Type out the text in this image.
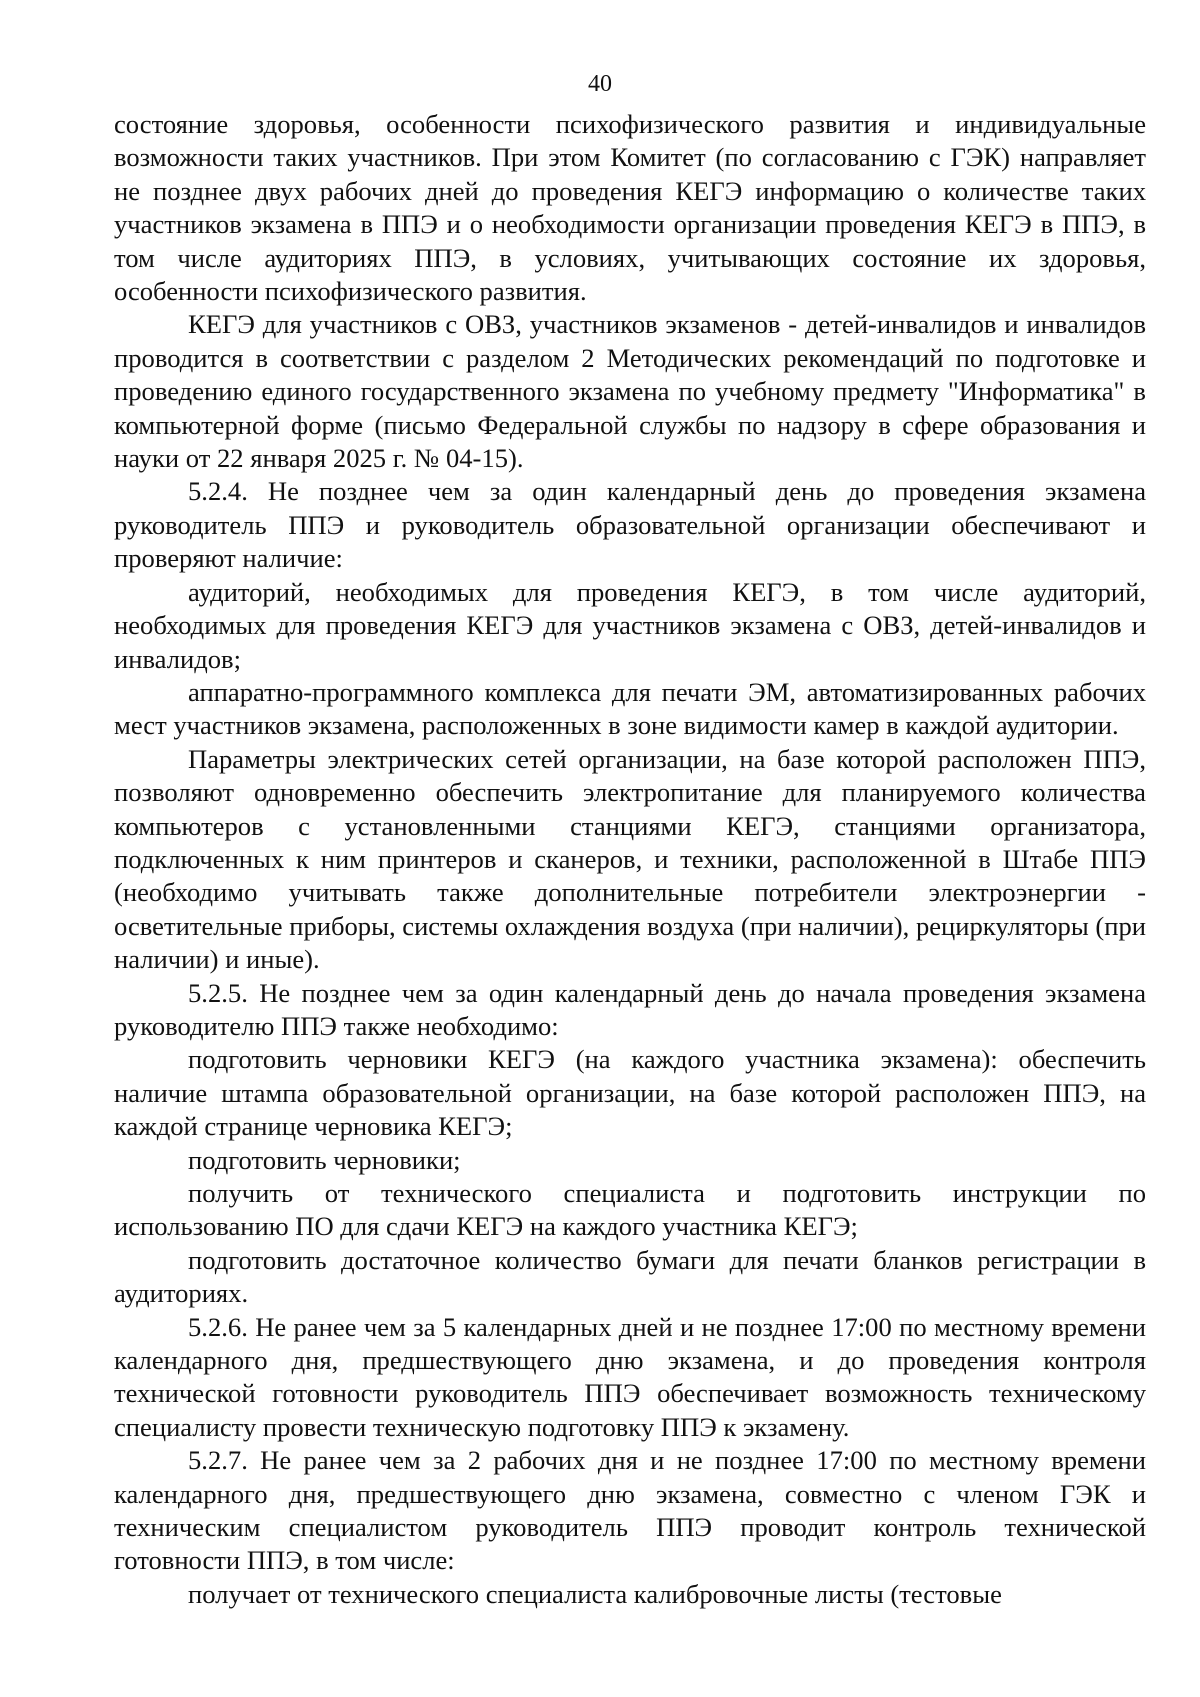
40

состояние здоровья, особенности психофизического развития и индивидуальные возможности таких участников. При этом Комитет (по согласованию с ГЭК) направляет не позднее двух рабочих дней до проведения КЕГЭ информацию о количестве таких участников экзамена в ППЭ и о необходимости организации проведения КЕГЭ в ППЭ, в том числе аудиториях ППЭ, в условиях, учитывающих состояние их здоровья, особенности психофизического развития.

КЕГЭ для участников с ОВЗ, участников экзаменов - детей-инвалидов и инвалидов проводится в соответствии с разделом 2 Методических рекомендаций по подготовке и проведению единого государственного экзамена по учебному предмету "Информатика" в компьютерной форме (письмо Федеральной службы по надзору в сфере образования и науки от 22 января 2025 г. № 04-15).

5.2.4. Не позднее чем за один календарный день до проведения экзамена руководитель ППЭ и руководитель образовательной организации обеспечивают и проверяют наличие:

аудиторий, необходимых для проведения КЕГЭ, в том числе аудиторий, необходимых для проведения КЕГЭ для участников экзамена с ОВЗ, детей-инвалидов и инвалидов;

аппаратно-программного комплекса для печати ЭМ, автоматизированных рабочих мест участников экзамена, расположенных в зоне видимости камер в каждой аудитории.

Параметры электрических сетей организации, на базе которой расположен ППЭ, позволяют одновременно обеспечить электропитание для планируемого количества компьютеров с установленными станциями КЕГЭ, станциями организатора, подключенных к ним принтеров и сканеров, и техники, расположенной в Штабе ППЭ (необходимо учитывать также дополнительные потребители электроэнергии - осветительные приборы, системы охлаждения воздуха (при наличии), рециркуляторы (при наличии) и иные).

5.2.5. Не позднее чем за один календарный день до начала проведения экзамена руководителю ППЭ также необходимо:

подготовить черновики КЕГЭ (на каждого участника экзамена): обеспечить наличие штампа образовательной организации, на базе которой расположен ППЭ, на каждой странице черновика КЕГЭ;

подготовить черновики;

получить от технического специалиста и подготовить инструкции по использованию ПО для сдачи КЕГЭ на каждого участника КЕГЭ;

подготовить достаточное количество бумаги для печати бланков регистрации в аудиториях.

5.2.6. Не ранее чем за 5 календарных дней и не позднее 17:00 по местному времени календарного дня, предшествующего дню экзамена, и до проведения контроля технической готовности руководитель ППЭ обеспечивает возможность техническому специалисту провести техническую подготовку ППЭ к экзамену.

5.2.7. Не ранее чем за 2 рабочих дня и не позднее 17:00 по местному времени календарного дня, предшествующего дню экзамена, совместно с членом ГЭК и техническим специалистом руководитель ППЭ проводит контроль технической готовности ППЭ, в том числе:

получает от технического специалиста калибровочные листы (тестовые
